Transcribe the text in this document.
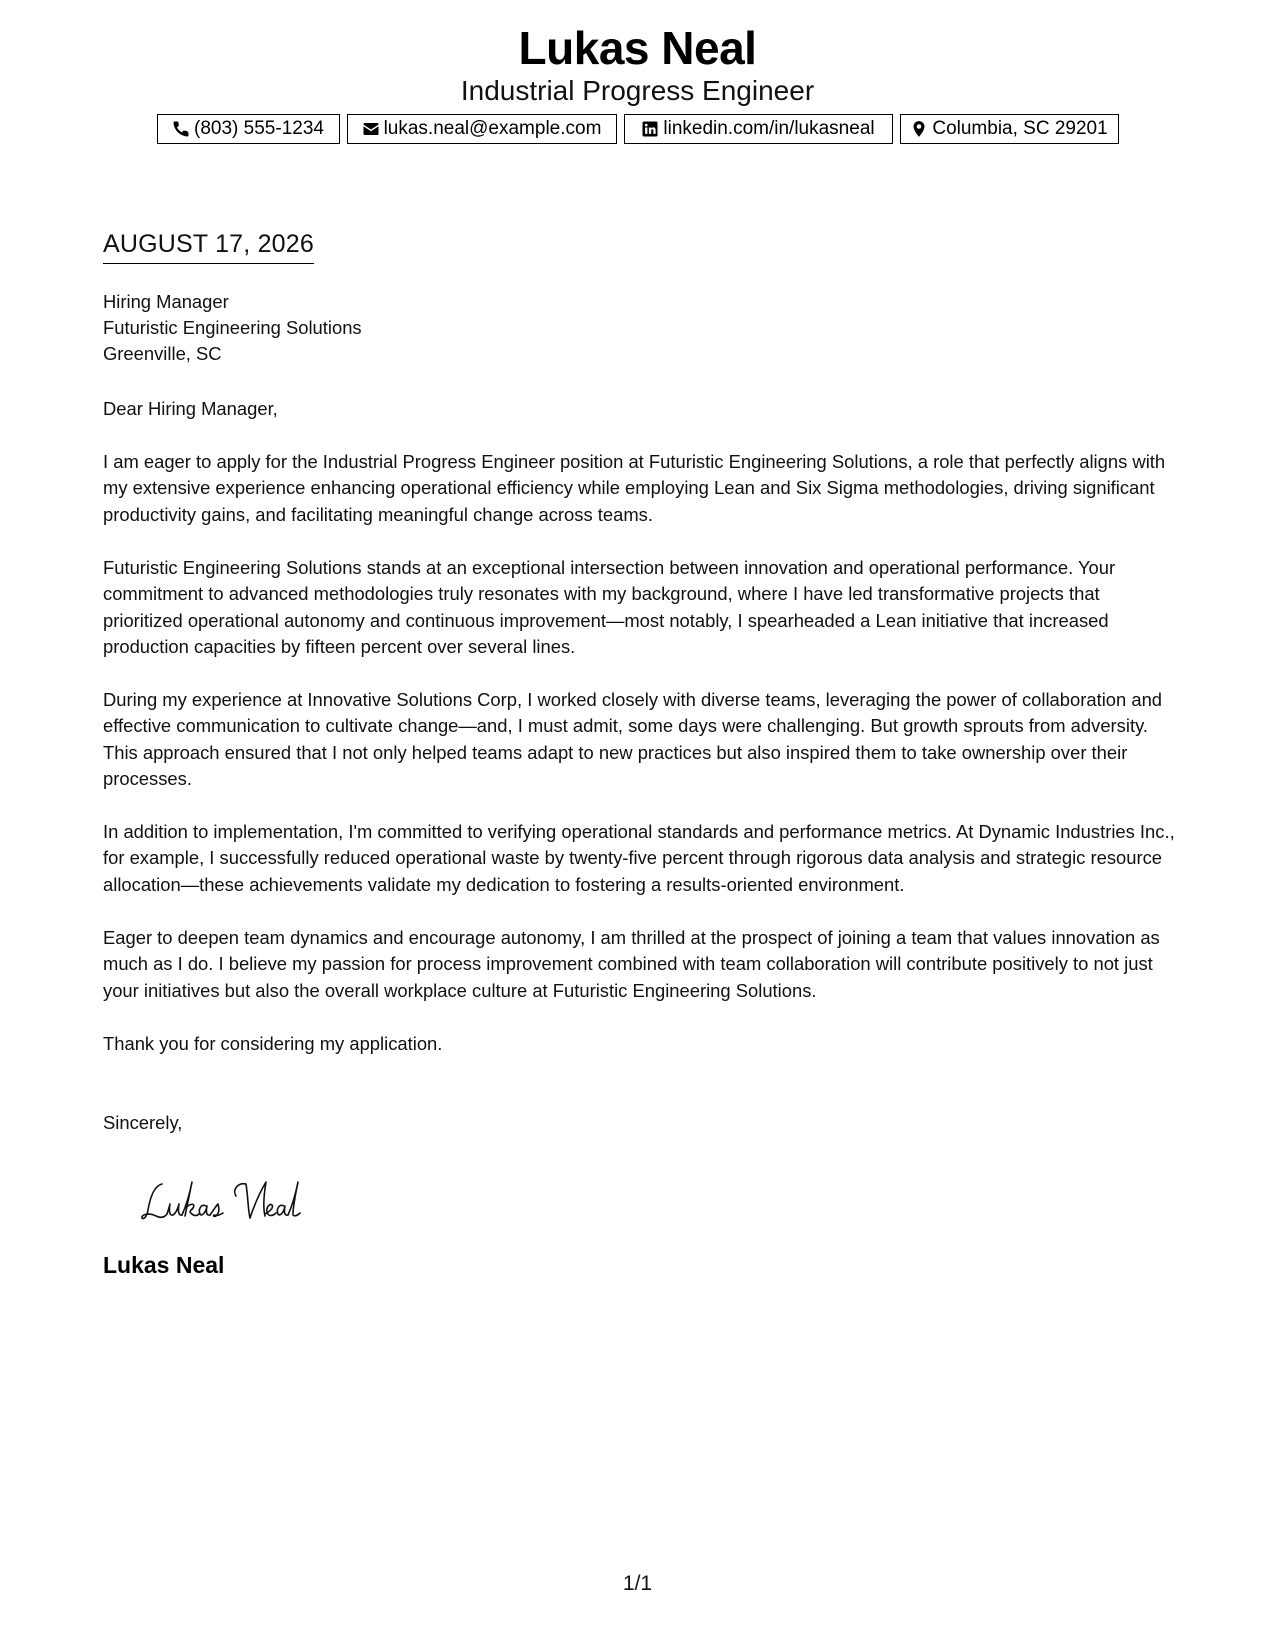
Lukas Neal
Industrial Progress Engineer
(803) 555-1234	lukas.neal@example.com	linkedin.com/in/lukasneal	Columbia, SC 29201
AUGUST 17, 2026
Hiring Manager
Futuristic Engineering Solutions
Greenville, SC
Dear Hiring Manager,
I am eager to apply for the Industrial Progress Engineer position at Futuristic Engineering Solutions, a role that perfectly aligns with my extensive experience enhancing operational efficiency while employing Lean and Six Sigma methodologies, driving significant productivity gains, and facilitating meaningful change across teams.
Futuristic Engineering Solutions stands at an exceptional intersection between innovation and operational performance. Your commitment to advanced methodologies truly resonates with my background, where I have led transformative projects that prioritized operational autonomy and continuous improvement—most notably, I spearheaded a Lean initiative that increased production capacities by fifteen percent over several lines.
During my experience at Innovative Solutions Corp, I worked closely with diverse teams, leveraging the power of collaboration and effective communication to cultivate change—and, I must admit, some days were challenging. But growth sprouts from adversity. This approach ensured that I not only helped teams adapt to new practices but also inspired them to take ownership over their processes.
In addition to implementation, I'm committed to verifying operational standards and performance metrics. At Dynamic Industries Inc., for example, I successfully reduced operational waste by twenty-five percent through rigorous data analysis and strategic resource allocation—these achievements validate my dedication to fostering a results-oriented environment.
Eager to deepen team dynamics and encourage autonomy, I am thrilled at the prospect of joining a team that values innovation as much as I do. I believe my passion for process improvement combined with team collaboration will contribute positively to not just your initiatives but also the overall workplace culture at Futuristic Engineering Solutions.
Thank you for considering my application.
Sincerely,
Lukas Neal
1/1
